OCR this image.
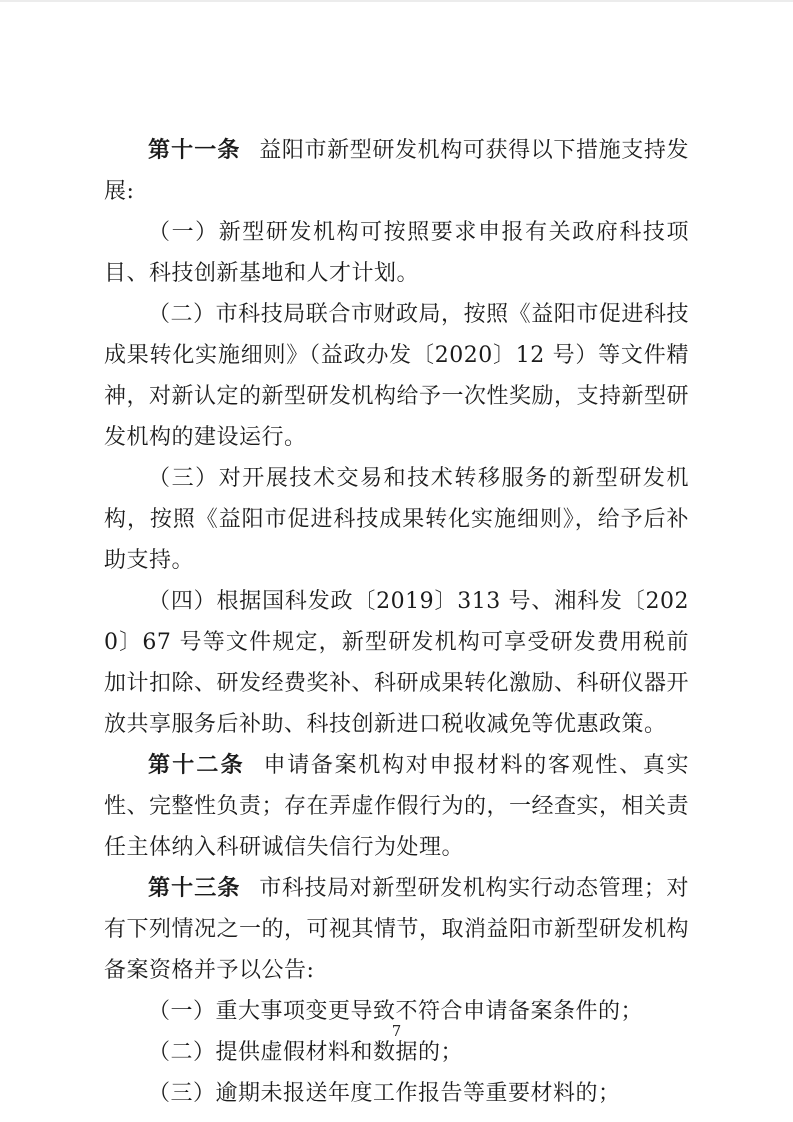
第十一条 益阳市新型研发机构可获得以下措施支持发展:

（一）新型研发机构可按照要求申报有关政府科技项目、科技创新基地和人才计划。

（二）市科技局联合市财政局，按照《益阳市促进科技成果转化实施细则》（益政办发〔2020〕12 号）等文件精神，对新认定的新型研发机构给予一次性奖励，支持新型研发机构的建设运行。

（三）对开展技术交易和技术转移服务的新型研发机构，按照《益阳市促进科技成果转化实施细则》，给予后补助支持。

（四）根据国科发政〔2019〕313 号、湘科发〔2020〕67 号等文件规定，新型研发机构可享受研发费用税前加计扣除、研发经费奖补、科研成果转化激励、科研仪器开放共享服务后补助、科技创新进口税收减免等优惠政策。

第十二条 申请备案机构对申报材料的客观性、真实性、完整性负责；存在弄虚作假行为的，一经查实，相关责任主体纳入科研诚信失信行为处理。

第十三条 市科技局对新型研发机构实行动态管理；对有下列情况之一的，可视其情节，取消益阳市新型研发机构备案资格并予以公告:

（一）重大事项变更导致不符合申请备案条件的；

（二）提供虚假材料和数据的；

（三）逾期未报送年度工作报告等重要材料的；

7
